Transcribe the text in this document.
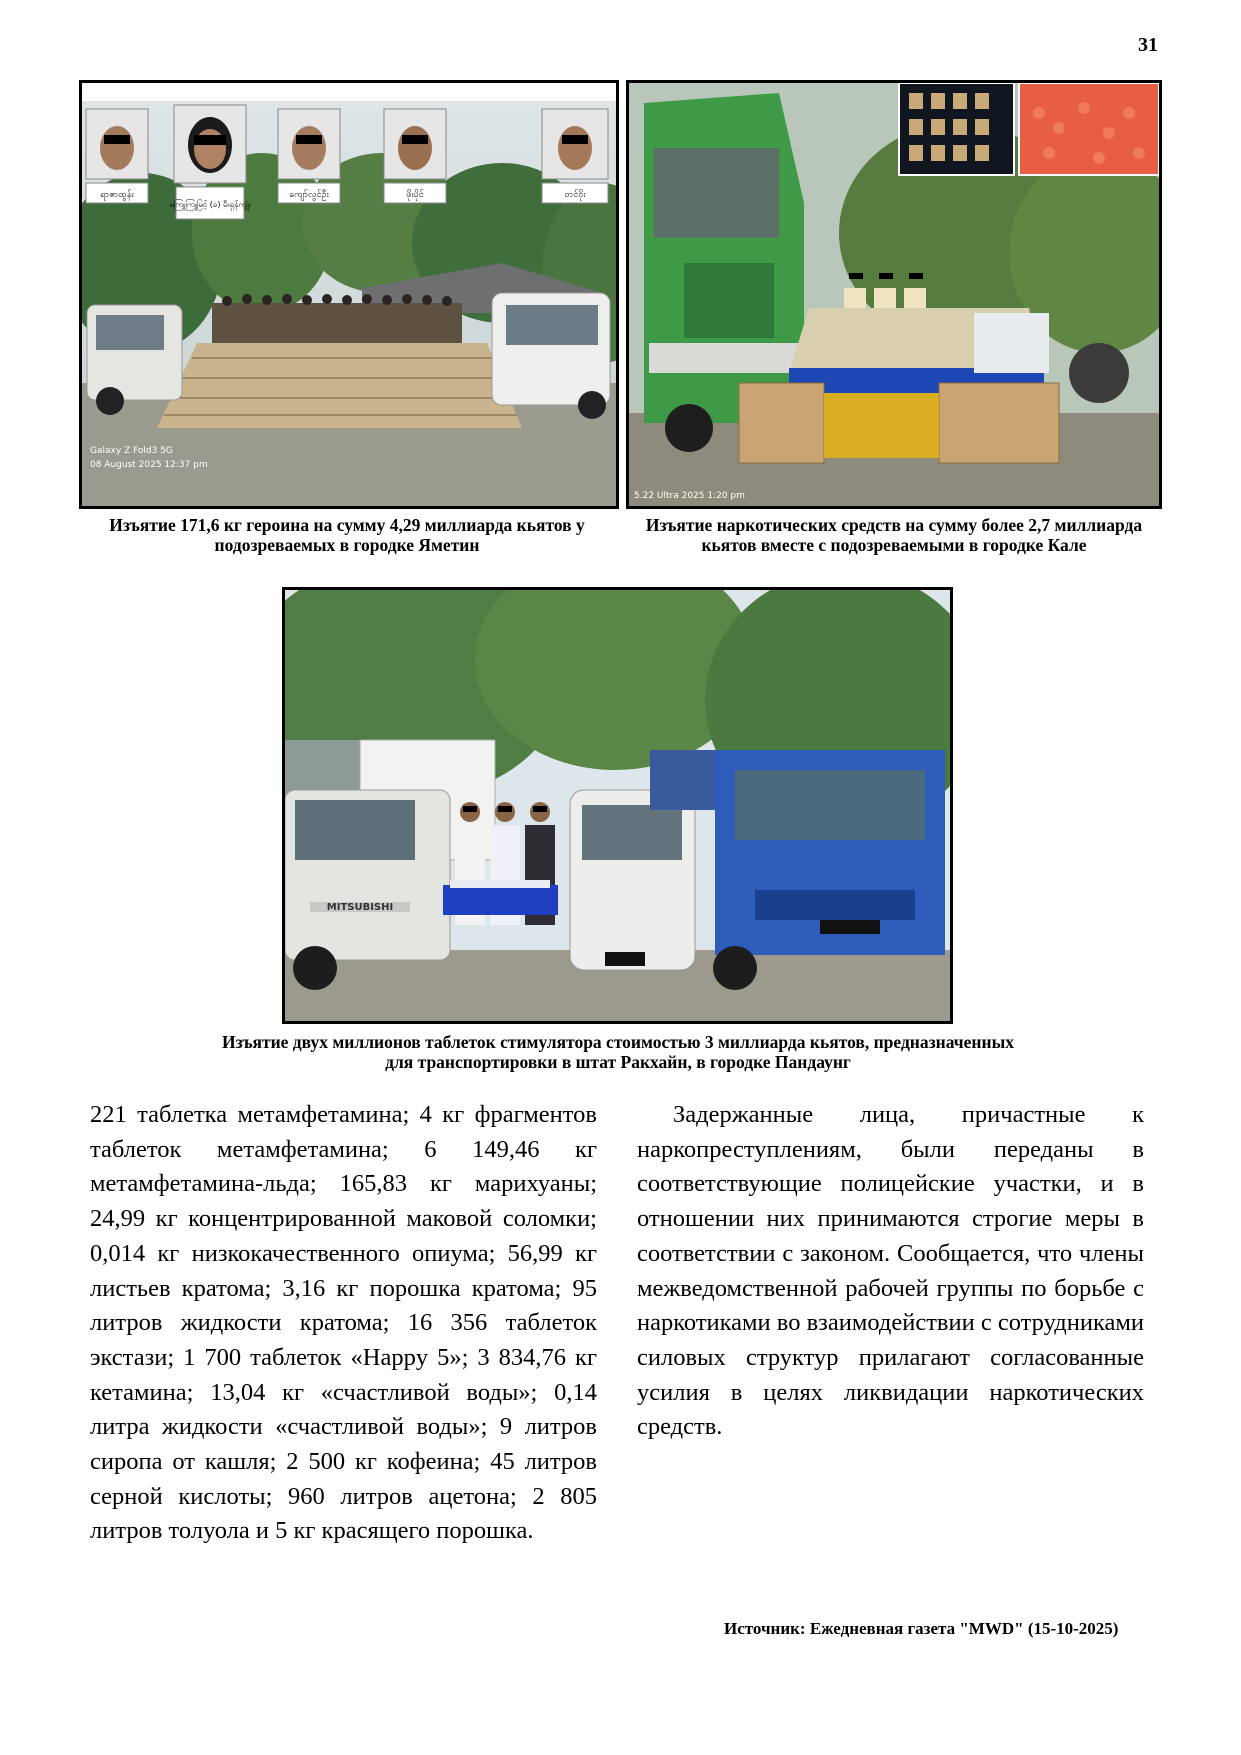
31
ရာဇာထွန်း
မကြူကြူမြင့် (ခ) မီးရှန်ကျုံး
ကျော်လွင်ဦး	ဖိုးပိုင်	တင်ဝိုး
Galaxy Z Fold3 5G
08 August 2025 12:37 pm
Изъятие 171,6 кг героина на сумму 4,29 миллиарда кьятов у подозреваемых в городке Яметин
5.22 Ultra 2025 1:20 pm
Изъятие наркотических средств на сумму более 2,7 миллиарда кьятов вместе с подозреваемыми в городке Кале
MITSUBISHI
Изъятие двух миллионов таблеток стимулятора стоимостью 3 миллиарда кьятов, предназначенных для транспортировки в штат Ракхайн, в городке Пандаунг

221 таблетка метамфетамина; 4 кг фрагментов таблеток метамфетамина; 6 149,46 кг метамфетамина-льда; 165,83 кг марихуаны; 24,99 кг концентрированной маковой соломки; 0,014 кг низкокачественного опиума; 56,99 кг листьев кратома; 3,16 кг порошка кратома; 95 литров жидкости кратома; 16 356 таблеток экстази; 1 700 таблеток «Happy 5»; 3 834,76 кг кетамина; 13,04 кг «счастливой воды»; 0,14 литра жидкости «счастливой воды»; 9 литров сиропа от кашля; 2 500 кг кофеина; 45 литров серной кислоты; 960 литров ацетона; 2 805 литров толуола и 5 кг красящего порошка.

Задержанные лица, причастные к наркопреступлениям, были переданы в соответствующие полицейские участки, и в отношении них принимаются строгие меры в соответствии с законом. Сообщается, что члены межведомственной рабочей группы по борьбе с наркотиками во взаимодействии с сотрудниками силовых структур прилагают согласованные усилия в целях ликвидации наркотических средств.

Источник: Ежедневная газета "MWD" (15-10-2025)
